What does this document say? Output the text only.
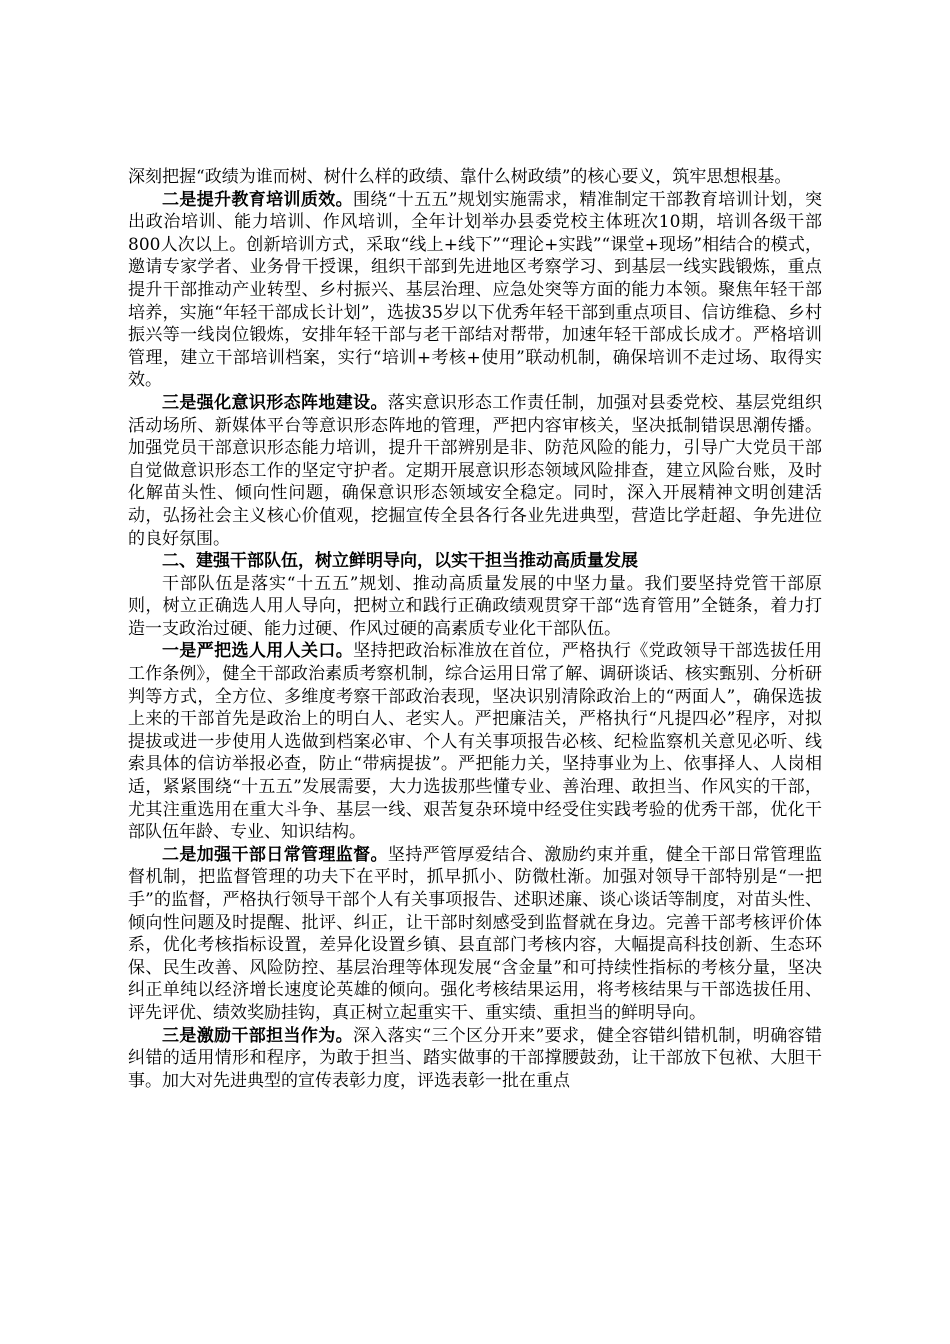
深刻把握“政绩为谁而树、树什么样的政绩、靠什么树政绩”的核心要义，筑牢思想根基。

二是提升教育培训质效。围绕“十五五”规划实施需求，精准制定干部教育培训计划，突出政治培训、能力培训、作风培训，全年计划举办县委党校主体班次10期，培训各级干部800人次以上。创新培训方式，采取“线上+线下”“理论+实践”“课堂+现场”相结合的模式，邀请专家学者、业务骨干授课，组织干部到先进地区考察学习、到基层一线实践锻炼，重点提升干部推动产业转型、乡村振兴、基层治理、应急处突等方面的能力本领。聚焦年轻干部培养，实施“年轻干部成长计划”，选拔35岁以下优秀年轻干部到重点项目、信访维稳、乡村振兴等一线岗位锻炼，安排年轻干部与老干部结对帮带，加速年轻干部成长成才。严格培训管理，建立干部培训档案，实行“培训+考核+使用”联动机制，确保培训不走过场、取得实效。

三是强化意识形态阵地建设。落实意识形态工作责任制，加强对县委党校、基层党组织活动场所、新媒体平台等意识形态阵地的管理，严把内容审核关，坚决抵制错误思潮传播。加强党员干部意识形态能力培训，提升干部辨别是非、防范风险的能力，引导广大党员干部自觉做意识形态工作的坚定守护者。定期开展意识形态领域风险排查，建立风险台账，及时化解苗头性、倾向性问题，确保意识形态领域安全稳定。同时，深入开展精神文明创建活动，弘扬社会主义核心价值观，挖掘宣传全县各行各业先进典型，营造比学赶超、争先进位的良好氛围。

二、建强干部队伍，树立鲜明导向，以实干担当推动高质量发展

干部队伍是落实“十五五”规划、推动高质量发展的中坚力量。我们要坚持党管干部原则，树立正确选人用人导向，把树立和践行正确政绩观贯穿干部“选育管用”全链条，着力打造一支政治过硬、能力过硬、作风过硬的高素质专业化干部队伍。

一是严把选人用人关口。坚持把政治标准放在首位，严格执行《党政领导干部选拔任用工作条例》，健全干部政治素质考察机制，综合运用日常了解、调研谈话、核实甄别、分析研判等方式，全方位、多维度考察干部政治表现，坚决识别清除政治上的“两面人”，确保选拔上来的干部首先是政治上的明白人、老实人。严把廉洁关，严格执行“凡提四必”程序，对拟提拔或进一步使用人选做到档案必审、个人有关事项报告必核、纪检监察机关意见必听、线索具体的信访举报必查，防止“带病提拔”。严把能力关，坚持事业为上、依事择人、人岗相适，紧紧围绕“十五五”发展需要，大力选拔那些懂专业、善治理、敢担当、作风实的干部，尤其注重选用在重大斗争、基层一线、艰苦复杂环境中经受住实践考验的优秀干部，优化干部队伍年龄、专业、知识结构。

二是加强干部日常管理监督。坚持严管厚爱结合、激励约束并重，健全干部日常管理监督机制，把监督管理的功夫下在平时，抓早抓小、防微杜渐。加强对领导干部特别是“一把手”的监督，严格执行领导干部个人有关事项报告、述职述廉、谈心谈话等制度，对苗头性、倾向性问题及时提醒、批评、纠正，让干部时刻感受到监督就在身边。完善干部考核评价体系，优化考核指标设置，差异化设置乡镇、县直部门考核内容，大幅提高科技创新、生态环保、民生改善、风险防控、基层治理等体现发展“含金量”和可持续性指标的考核分量，坚决纠正单纯以经济增长速度论英雄的倾向。强化考核结果运用，将考核结果与干部选拔任用、评先评优、绩效奖励挂钩，真正树立起重实干、重实绩、重担当的鲜明导向。

三是激励干部担当作为。深入落实“三个区分开来”要求，健全容错纠错机制，明确容错纠错的适用情形和程序，为敢于担当、踏实做事的干部撑腰鼓劲，让干部放下包袱、大胆干事。加大对先进典型的宣传表彰力度，评选表彰一批在重点
